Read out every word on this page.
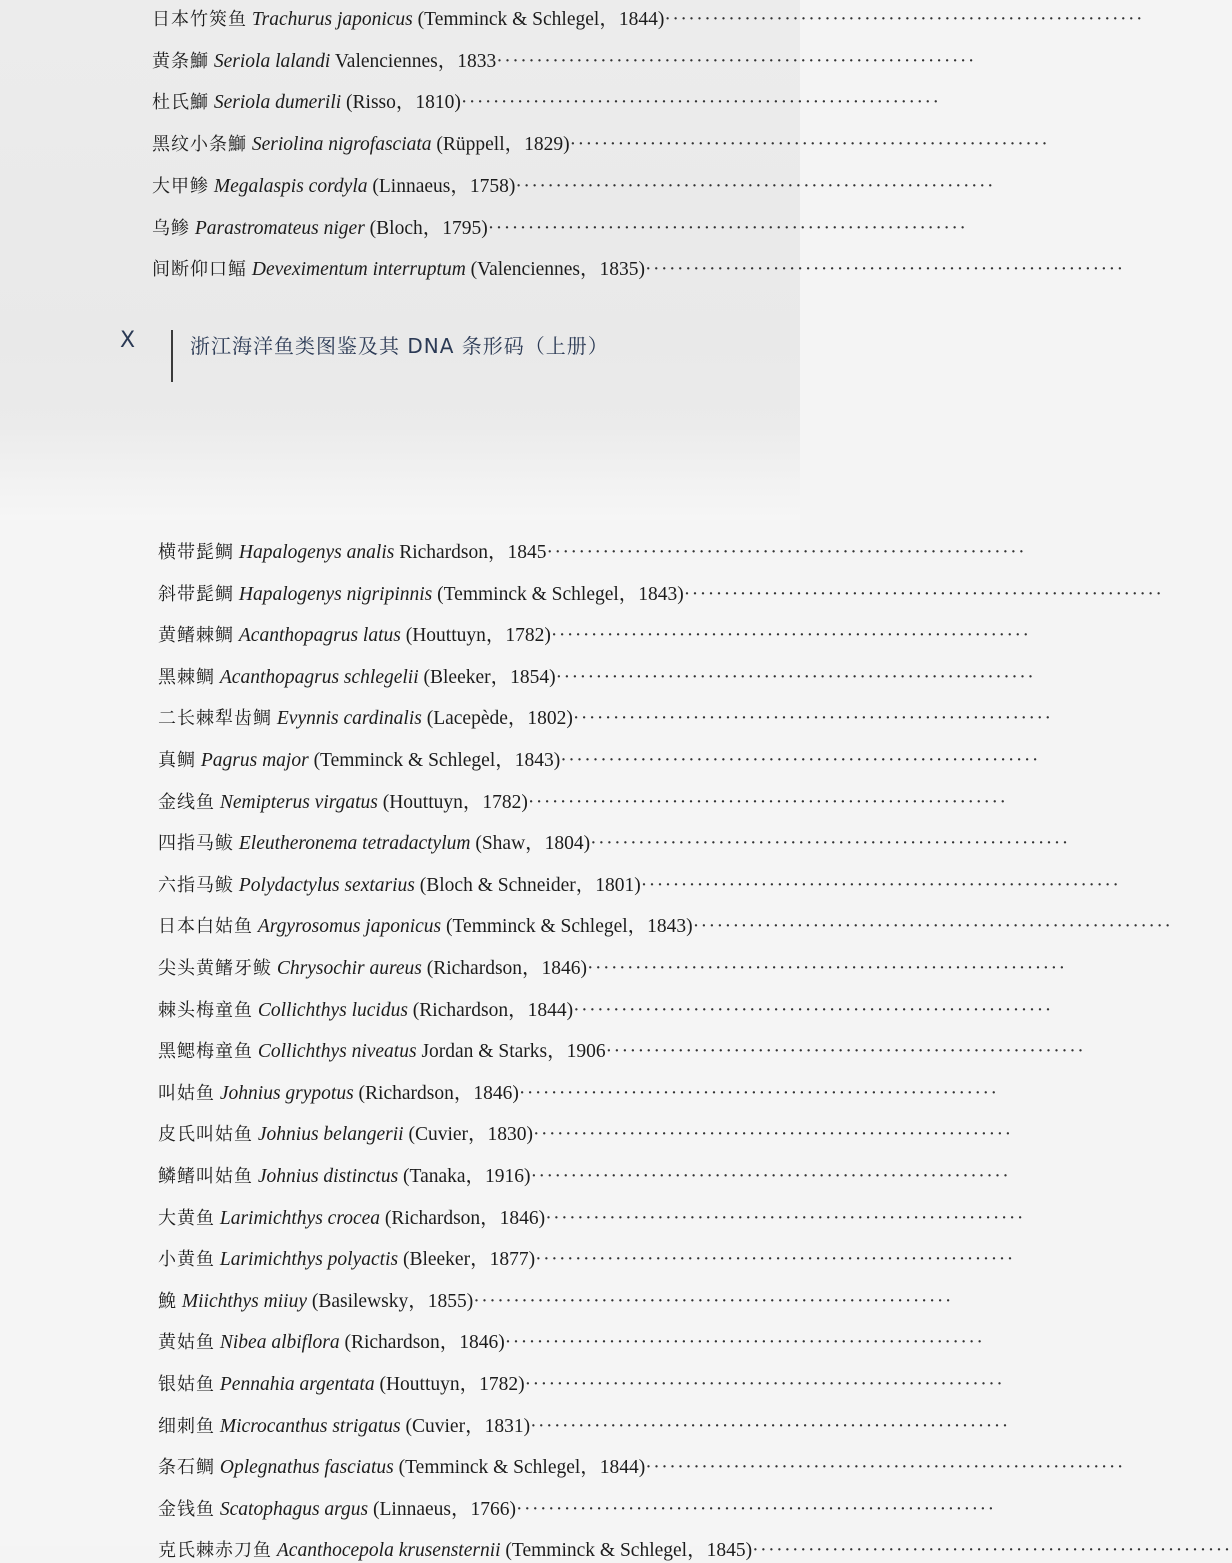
日本竹筴鱼 Trachurus japonicus (Temminck & Schlegel，1844)····························································
黄条鰤 Seriola lalandi Valenciennes，1833····························································
杜氏鰤 Seriola dumerili (Risso，1810)····························································
黑纹小条鰤 Seriolina nigrofasciata (Rüppell，1829)····························································
大甲鲹 Megalaspis cordyla (Linnaeus，1758)····························································
乌鲹 Parastromateus niger (Bloch，1795)····························································
间断仰口鲾 Deveximentum interruptum (Valenciennes，1835)····························································
X	浙江海洋鱼类图鉴及其 DNA 条形码（上册）
横带髭鲷 Hapalogenys analis Richardson，1845····························································
斜带髭鲷 Hapalogenys nigripinnis (Temminck & Schlegel，1843)····························································
黄鳍棘鲷 Acanthopagrus latus (Houttuyn，1782)····························································
黑棘鲷 Acanthopagrus schlegelii (Bleeker，1854)····························································
二长棘犁齿鲷 Evynnis cardinalis (Lacepède，1802)····························································
真鲷 Pagrus major (Temminck & Schlegel，1843)····························································
金线鱼 Nemipterus virgatus (Houttuyn，1782)····························································
四指马鲅 Eleutheronema tetradactylum (Shaw，1804)····························································
六指马鲅 Polydactylus sextarius (Bloch & Schneider，1801)····························································
日本白姑鱼 Argyrosomus japonicus (Temminck & Schlegel，1843)····························································
尖头黄鳍牙鲅 Chrysochir aureus (Richardson，1846)····························································
棘头梅童鱼 Collichthys lucidus (Richardson，1844)····························································
黑鳃梅童鱼 Collichthys niveatus Jordan & Starks，1906····························································
叫姑鱼 Johnius grypotus (Richardson，1846)····························································
皮氏叫姑鱼 Johnius belangerii (Cuvier，1830)····························································
鳞鳍叫姑鱼 Johnius distinctus (Tanaka，1916)····························································
大黄鱼 Larimichthys crocea (Richardson，1846)····························································
小黄鱼 Larimichthys polyactis (Bleeker，1877)····························································
鮸 Miichthys miiuy (Basilewsky，1855)····························································
黄姑鱼 Nibea albiflora (Richardson，1846)····························································
银姑鱼 Pennahia argentata (Houttuyn，1782)····························································
细刺鱼 Microcanthus strigatus (Cuvier，1831)····························································
条石鲷 Oplegnathus fasciatus (Temminck & Schlegel，1844)····························································
金钱鱼 Scatophagus argus (Linnaeus，1766)····························································
克氏棘赤刀鱼 Acanthocepola krusensternii (Temminck & Schlegel，1845)····························································
